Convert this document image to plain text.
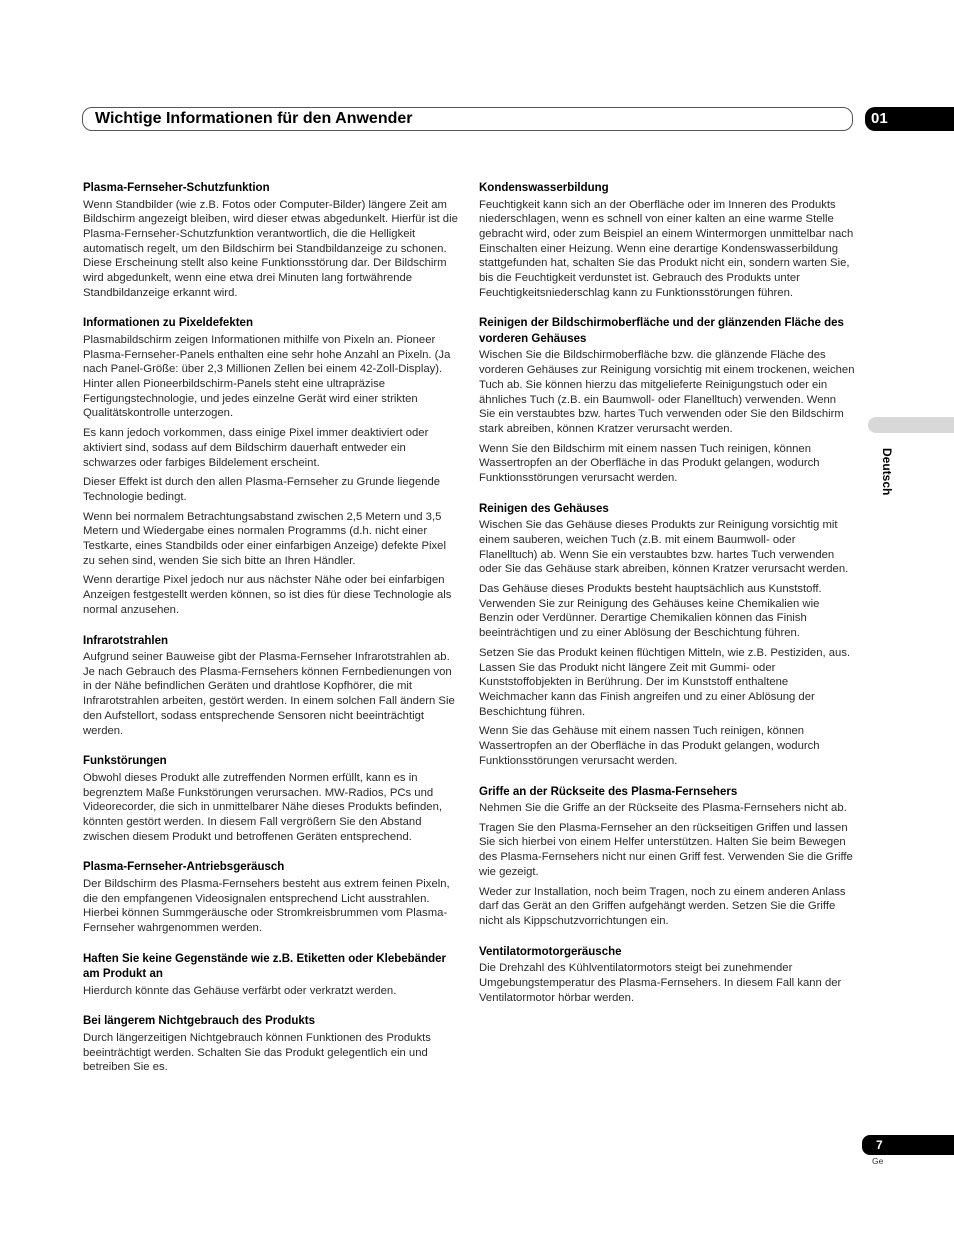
Wichtige Informationen für den Anwender	01
Deutsch
Plasma-Fernseher-Schutzfunktion

Wenn Standbilder (wie z.B. Fotos oder Computer-Bilder) längere Zeit am Bildschirm angezeigt bleiben, wird dieser etwas abgedunkelt. Hierfür ist die Plasma-Fernseher-Schutzfunktion verantwortlich, die die Helligkeit automatisch regelt, um den Bildschirm bei Standbildanzeige zu schonen. Diese Erscheinung stellt also keine Funktionsstörung dar. Der Bildschirm wird abgedunkelt, wenn eine etwa drei Minuten lang fortwährende Standbildanzeige erkannt wird.

Informationen zu Pixeldefekten

Plasmabildschirm zeigen Informationen mithilfe von Pixeln an. Pioneer Plasma-Fernseher-Panels enthalten eine sehr hohe Anzahl an Pixeln. (Ja nach Panel-Größe: über 2,3 Millionen Zellen bei einem 42-Zoll-Display). Hinter allen Pioneerbildschirm-Panels steht eine ultrapräzise Fertigungstechnologie, und jedes einzelne Gerät wird einer strikten Qualitätskontrolle unterzogen.

Es kann jedoch vorkommen, dass einige Pixel immer deaktiviert oder aktiviert sind, sodass auf dem Bildschirm dauerhaft entweder ein schwarzes oder farbiges Bildelement erscheint.

Dieser Effekt ist durch den allen Plasma-Fernseher zu Grunde liegende Technologie bedingt.

Wenn bei normalem Betrachtungsabstand zwischen 2,5 Metern und 3,5 Metern und Wiedergabe eines normalen Programms (d.h. nicht einer Testkarte, eines Standbilds oder einer einfarbigen Anzeige) defekte Pixel zu sehen sind, wenden Sie sich bitte an Ihren Händler.

Wenn derartige Pixel jedoch nur aus nächster Nähe oder bei einfarbigen Anzeigen festgestellt werden können, so ist dies für diese Technologie als normal anzusehen.

Infrarotstrahlen

Aufgrund seiner Bauweise gibt der Plasma-Fernseher Infrarotstrahlen ab. Je nach Gebrauch des Plasma-Fernsehers können Fernbedienungen von in der Nähe befindlichen Geräten und drahtlose Kopfhörer, die mit Infrarotstrahlen arbeiten, gestört werden. In einem solchen Fall ändern Sie den Aufstellort, sodass entsprechende Sensoren nicht beeinträchtigt werden.

Funkstörungen

Obwohl dieses Produkt alle zutreffenden Normen erfüllt, kann es in begrenztem Maße Funkstörungen verursachen. MW-Radios, PCs und Videorecorder, die sich in unmittelbarer Nähe dieses Produkts befinden, könnten gestört werden. In diesem Fall vergrößern Sie den Abstand zwischen diesem Produkt und betroffenen Geräten entsprechend.

Plasma-Fernseher-Antriebsgeräusch

Der Bildschirm des Plasma-Fernsehers besteht aus extrem feinen Pixeln, die den empfangenen Videosignalen entsprechend Licht ausstrahlen. Hierbei können Summgeräusche oder Stromkreisbrummen vom Plasma-Fernseher wahrgenommen werden.

Haften Sie keine Gegenstände wie z.B. Etiketten oder Klebebänder am Produkt an

Hierdurch könnte das Gehäuse verfärbt oder verkratzt werden.

Bei längerem Nichtgebrauch des Produkts

Durch längerzeitigen Nichtgebrauch können Funktionen des Produkts beeinträchtigt werden. Schalten Sie das Produkt gelegentlich ein und betreiben Sie es.

Kondenswasserbildung

Feuchtigkeit kann sich an der Oberfläche oder im Inneren des Produkts niederschlagen, wenn es schnell von einer kalten an eine warme Stelle gebracht wird, oder zum Beispiel an einem Wintermorgen unmittelbar nach Einschalten einer Heizung. Wenn eine derartige Kondenswasserbildung stattgefunden hat, schalten Sie das Produkt nicht ein, sondern warten Sie, bis die Feuchtigkeit verdunstet ist. Gebrauch des Produkts unter Feuchtigkeitsniederschlag kann zu Funktionsstörungen führen.

Reinigen der Bildschirmoberfläche und der glänzenden Fläche des vorderen Gehäuses

Wischen Sie die Bildschirmoberfläche bzw. die glänzende Fläche des vorderen Gehäuses zur Reinigung vorsichtig mit einem trockenen, weichen Tuch ab. Sie können hierzu das mitgelieferte Reinigungstuch oder ein ähnliches Tuch (z.B. ein Baumwoll- oder Flanelltuch) verwenden. Wenn Sie ein verstaubtes bzw. hartes Tuch verwenden oder Sie den Bildschirm stark abreiben, können Kratzer verursacht werden.

Wenn Sie den Bildschirm mit einem nassen Tuch reinigen, können Wassertropfen an der Oberfläche in das Produkt gelangen, wodurch Funktionsstörungen verursacht werden.

Reinigen des Gehäuses

Wischen Sie das Gehäuse dieses Produkts zur Reinigung vorsichtig mit einem sauberen, weichen Tuch (z.B. mit einem Baumwoll- oder Flanelltuch) ab. Wenn Sie ein verstaubtes bzw. hartes Tuch verwenden oder Sie das Gehäuse stark abreiben, können Kratzer verursacht werden.

Das Gehäuse dieses Produkts besteht hauptsächlich aus Kunststoff. Verwenden Sie zur Reinigung des Gehäuses keine Chemikalien wie Benzin oder Verdünner. Derartige Chemikalien können das Finish beeinträchtigen und zu einer Ablösung der Beschichtung führen.

Setzen Sie das Produkt keinen flüchtigen Mitteln, wie z.B. Pestiziden, aus. Lassen Sie das Produkt nicht längere Zeit mit Gummi- oder Kunststoffobjekten in Berührung. Der im Kunststoff enthaltene Weichmacher kann das Finish angreifen und zu einer Ablösung der Beschichtung führen.

Wenn Sie das Gehäuse mit einem nassen Tuch reinigen, können Wassertropfen an der Oberfläche in das Produkt gelangen, wodurch Funktionsstörungen verursacht werden.

Griffe an der Rückseite des Plasma-Fernsehers

Nehmen Sie die Griffe an der Rückseite des Plasma-Fernsehers nicht ab.

Tragen Sie den Plasma-Fernseher an den rückseitigen Griffen und lassen Sie sich hierbei von einem Helfer unterstützen. Halten Sie beim Bewegen des Plasma-Fernsehers nicht nur einen Griff fest. Verwenden Sie die Griffe wie gezeigt.

Weder zur Installation, noch beim Tragen, noch zu einem anderen Anlass darf das Gerät an den Griffen aufgehängt werden. Setzen Sie die Griffe nicht als Kippschutzvorrichtungen ein.

Ventilatormotorgeräusche

Die Drehzahl des Kühlventilatormotors steigt bei zunehmender Umgebungstemperatur des Plasma-Fernsehers. In diesem Fall kann der Ventilatormotor hörbar werden.

7
Ge
